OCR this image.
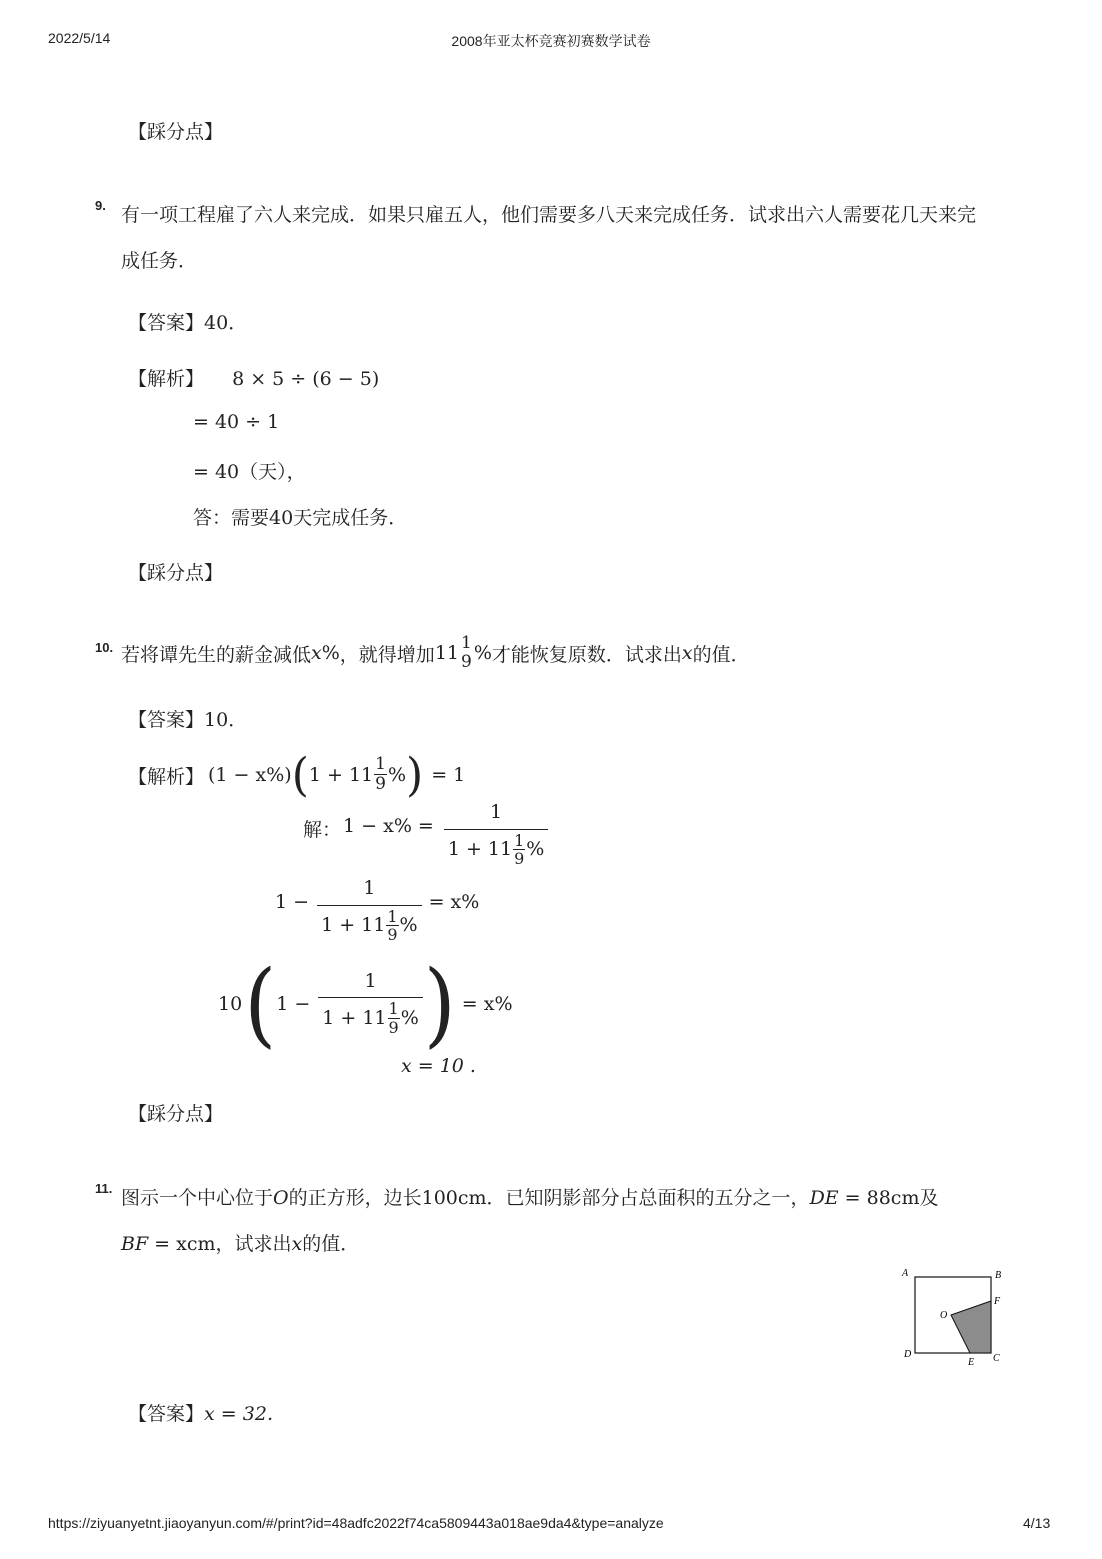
2022/5/14	2008年亚太杯竞赛初赛数学试卷
【踩分点】
9. 有一项工程雇了六人来完成．如果只雇五人，他们需要多八天来完成任务．试求出六人需要花几天来完
成任务．
【答案】40．
【解析】 8 × 5 ÷ (6 − 5)
= 40 ÷ 1
= 40（天），
答：需要40天完成任务．
【踩分点】
10. 若将谭先生的薪金减低 x % ，就得增加 11 1
9 % 才能恢复原数．试求出 x 的值．
【答案】10．
【解析】 (1 − x%) ( $1 + 11 \frac{1}{9}$ % ) = 1
解： $1 - x\% = \frac{1}{1 + 11 \frac{1}{9} \%}$
$1 - \frac{1}{1 + 11 \frac{1}{9} \%} = x\%$
10 ( $1 - \frac{1}{1 + 11 \frac{1}{9} \%}$ ) = x%
x = 10 .
【踩分点】
11. 图示一个中心位于O的正方形，边长100cm．已知阴影部分占总面积的五分之一，DE = 88cm及
BF = xcm，试求出x的值．
A	B
F
O
D
E C
【答案】x = 32．
https://ziyuanyetnt.jiaoyanyun.com/#/print?id=48adfc2022f74ca5809443a018ae9da4&type=analyze	4/13
